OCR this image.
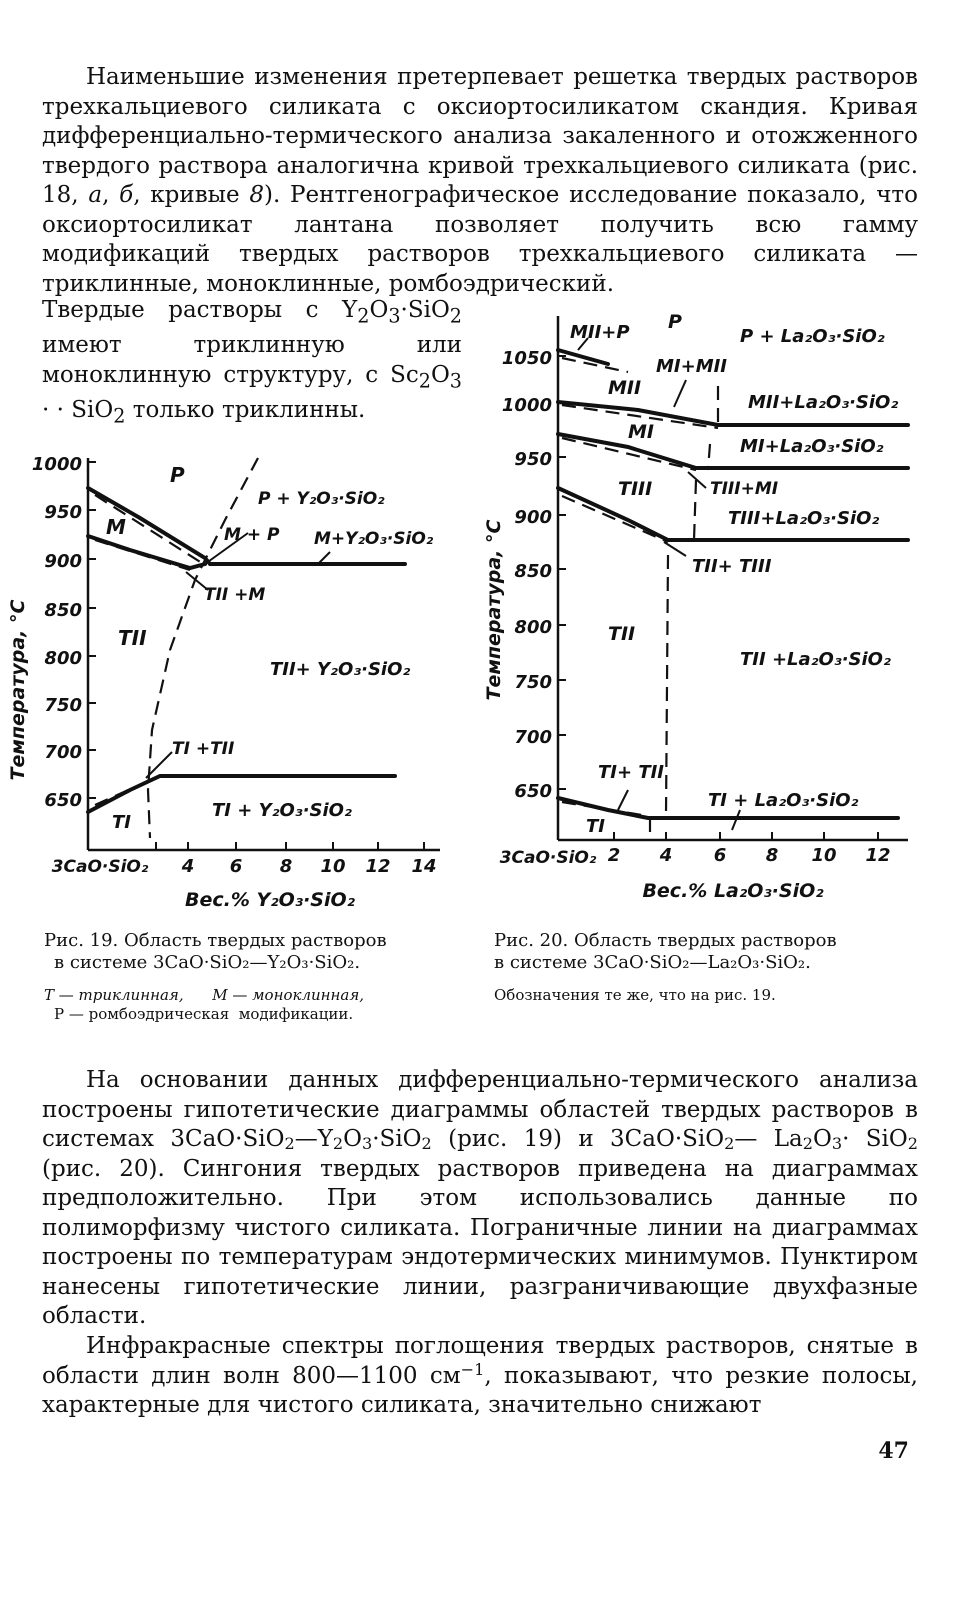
Наименьшие изменения претерпевает решетка твердых растворов трехкальциевого силиката с оксиортосиликатом скандия. Кривая дифференциально-термического анализа закаленного и отожженного твердого раствора аналогична кривой трехкальциевого силиката (рис. 18, а, б, кривые 8). Рентгенографическое исследование показало, что оксиортосиликат лантана позволяет получить всю гамму модификаций твердых растворов трехкальциевого силиката — триклинные, моноклинные, ромбоэдрический.

Твердые растворы с $Y_2O_3\cdot SiO_2$ имеют триклинную или моноклинную структуру, с $Sc_2O_3$ · · SiO$_2$ только триклинны.

1000
950
900
850
800
750
700
650
Температура, °С
3CaO·SiO₂ 4 6 8 10 12 14
Вес.% Y₂O₃·SiO₂
P
P + Y₂O₃·SiO₂
M + P M+Y₂O₃·SiO₂
M
TII +M
TII
TII+ Y₂O₃·SiO₂
TI +TII
TI
TI + Y₂O₃·SiO₂
1050
1000
950
900
850
800
750
700
650
Температура, °С
3CaO·SiO₂ 2 4 6 8 10 12
Вес.% La₂O₃·SiO₂
MII+P P
P + La₂O₃·SiO₂
MI+MII
MII
MII+La₂O₃·SiO₂
MI
MI+La₂O₃·SiO₂
TIII	TIII+MI
TIII+La₂O₃·SiO₂
TII+ TIII
TII
TII +La₂O₃·SiO₂
TI+ TII
TI
TI + La₂O₃·SiO₂

Рис. 19. Область твердых растворов
в системе 3CaO·SiO₂—Y₂O₃·SiO₂.

T — триклинная,      M — моноклинная,
P — ромбоэдрическая  модификации.

Рис. 20. Область твердых растворов
в системе 3CaO·SiO₂—La₂O₃·SiO₂.

Обозначения те же, что на рис. 19.

На основании данных дифференциально-термического анализа построены гипотетические диаграммы областей твердых растворов в системах $3CaO\cdot SiO_2—Y_2O_3\cdot SiO_2$ (рис. 19) и 3CaO·SiO$_2$— $La_2O_3\cdot SiO_2$ (рис. 20). Сингония твердых растворов приведена на диаграммах предположительно. При этом использовались данные по полиморфизму чистого силиката. Пограничные линии на диаграммах построены по температурам эндотермических минимумов. Пунктиром нанесены гипотетические линии, разграничивающие двухфазные области.

Инфракрасные спектры поглощения твердых растворов, снятые в области длин волн 800—1100 $см^{-1}$, показывают, что резкие полосы, характерные для чистого силиката, значительно снижают

47
